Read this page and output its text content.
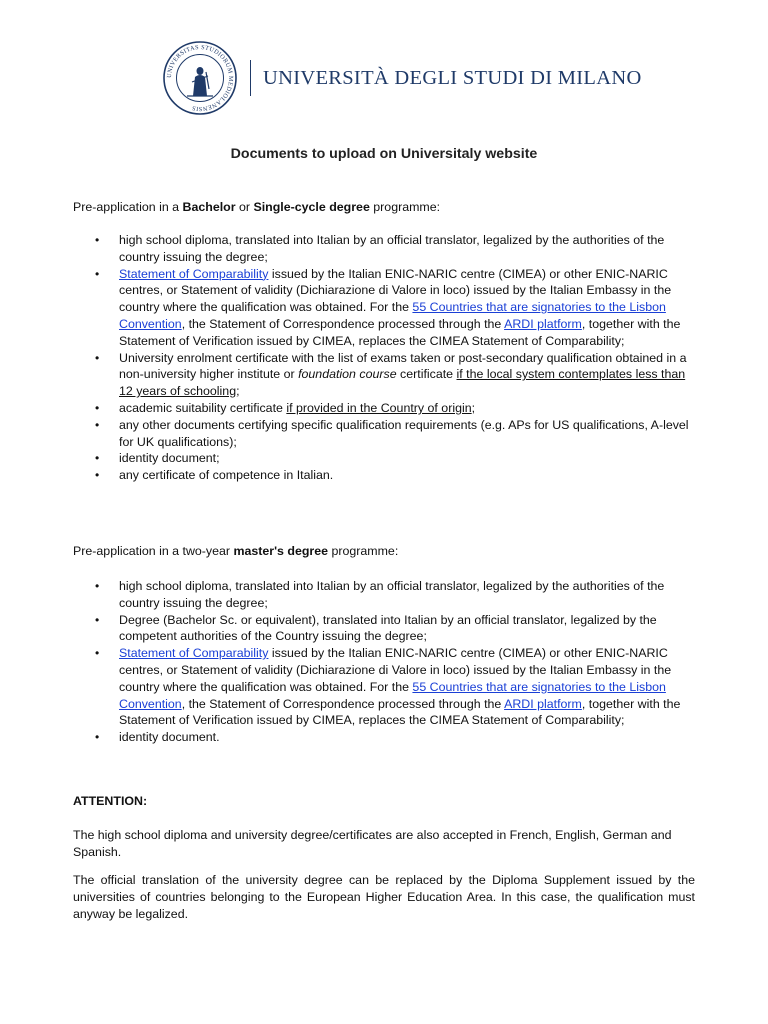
UNIVERSITAS STUDIORUM MEDIOLANENSIS
UNIVERSITÀ DEGLI STUDI DI MILANO
Documents to upload on Universitaly website

Pre-application in a Bachelor or Single-cycle degree programme:

• high school diploma, translated into Italian by an official translator, legalized by the authorities of the country issuing the degree;
• Statement of Comparability issued by the Italian ENIC-NARIC centre (CIMEA) or other ENIC-NARIC centres, or Statement of validity (Dichiarazione di Valore in loco) issued by the Italian Embassy in the country where the qualification was obtained. For the 55 Countries that are signatories to the Lisbon Convention, the Statement of Correspondence processed through the ARDI platform, together with the Statement of Verification issued by CIMEA, replaces the CIMEA Statement of Comparability;
• University enrolment certificate with the list of exams taken or post-secondary qualification obtained in a non-university higher institute or foundation course certificate if the local system contemplates less than 12 years of schooling;
• academic suitability certificate if provided in the Country of origin;
• any other documents certifying specific qualification requirements (e.g. APs for US qualifications, A-level for UK qualifications);
• identity document;
• any certificate of competence in Italian.

Pre-application in a two-year master's degree programme:

• high school diploma, translated into Italian by an official translator, legalized by the authorities of the country issuing the degree;
• Degree (Bachelor Sc. or equivalent), translated into Italian by an official translator, legalized by the competent authorities of the Country issuing the degree;
• Statement of Comparability issued by the Italian ENIC-NARIC centre (CIMEA) or other ENIC-NARIC centres, or Statement of validity (Dichiarazione di Valore in loco) issued by the Italian Embassy in the country where the qualification was obtained. For the 55 Countries that are signatories to the Lisbon Convention, the Statement of Correspondence processed through the ARDI platform, together with the Statement of Verification issued by CIMEA, replaces the CIMEA Statement of Comparability;
• identity document.

ATTENTION:

The high school diploma and university degree/certificates are also accepted in French, English, German and Spanish.

The official translation of the university degree can be replaced by the Diploma Supplement issued by the universities of countries belonging to the European Higher Education Area. In this case, the qualification must anyway be legalized.
